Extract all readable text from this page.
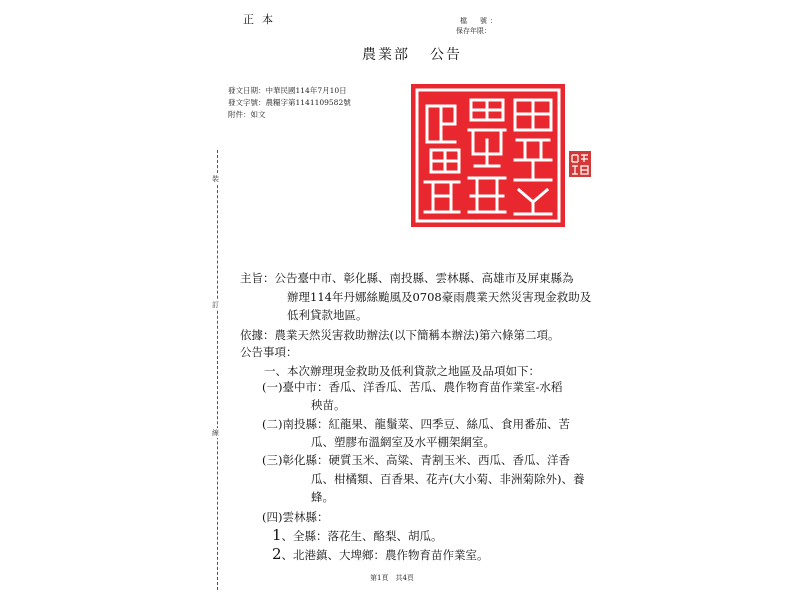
正本	檔　號：
保存年限：
農業部 公告
發文日期：中華民國114年7月10日
發文字號：農糧字第1141109582號
附件：如文
裝
訂
線
主旨：公告臺中市、彰化縣、南投縣、雲林縣、高雄市及屏東縣為
辦理114年丹娜絲颱風及0708豪雨農業天然災害現金救助及
低利貸款地區。
依據：農業天然災害救助辦法(以下簡稱本辦法)第六條第二項。
公告事項：
一、本次辦理現金救助及低利貸款之地區及品項如下：
(一)臺中市：香瓜、洋香瓜、苦瓜、農作物育苗作業室-水稻
秧苗。
(二)南投縣：紅龍果、龍鬚菜、四季豆、絲瓜、食用番茄、苦
瓜、塑膠布溫網室及水平棚架網室。
(三)彰化縣：硬質玉米、高粱、青割玉米、西瓜、香瓜、洋香
瓜、柑橘類、百香果、花卉(大小菊、非洲菊除外)、養
蜂。
(四)雲林縣：
1、全縣：落花生、酪梨、胡瓜。
2、北港鎮、大埤鄉：農作物育苗作業室。
第1頁　共4頁
